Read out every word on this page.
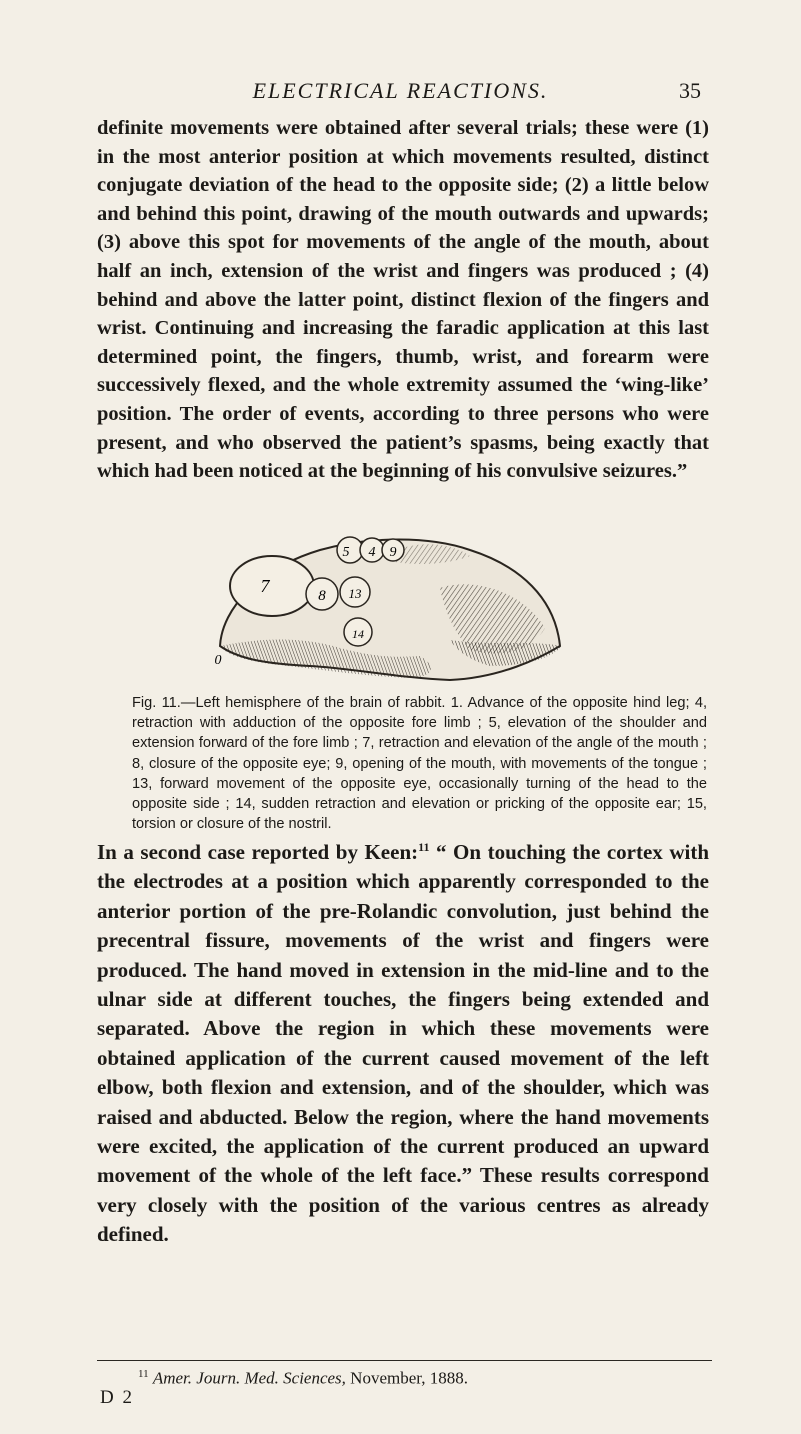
ELECTRICAL REACTIONS.	35

definite movements were obtained after several trials; these were (1) in the most anterior position at which movements resulted, distinct conjugate deviation of the head to the opposite side; (2) a little below and behind this point, drawing of the mouth outwards and upwards; (3) above this spot for movements of the angle of the mouth, about half an inch, extension of the wrist and fingers was produced ; (4) behind and above the latter point, distinct flexion of the fingers and wrist. Continuing and increasing the faradic application at this last determined point, the fingers, thumb, wrist, and forearm were successively flexed, and the whole extremity assumed the ‘wing-like’ position. The order of events, according to three persons who were present, and who observed the patient’s spasms, being exactly that which had been noticed at the beginning of his convulsive seizures.”

5 4 9
7	8 13
14
0

Fig. 11.—Left hemisphere of the brain of rabbit. 1. Advance of the opposite hind leg; 4, retraction with adduction of the opposite fore limb ; 5, elevation of the shoulder and extension forward of the fore limb ; 7, retraction and elevation of the angle of the mouth ; 8, closure of the opposite eye; 9, opening of the mouth, with movements of the tongue ; 13, forward movement of the opposite eye, occasionally turning of the head to the opposite side ; 14, sudden retraction and elevation or pricking of the opposite ear; 15, torsion or closure of the nostril.

In a second case reported by Keen:$^{11}$ “ On touching the cortex with the electrodes at a position which apparently corresponded to the anterior portion of the pre-Rolandic convolution, just behind the precentral fissure, movements of the wrist and fingers were produced. The hand moved in extension in the mid-line and to the ulnar side at different touches, the fingers being extended and separated. Above the region in which these movements were obtained application of the current caused movement of the left elbow, both flexion and extension, and of the shoulder, which was raised and abducted. Below the region, where the hand movements were excited, the application of the current produced an upward movement of the whole of the left face.” These results correspond very closely with the position of the various centres as already defined.

$^{11}$ Amer. Journ. Med. Sciences, November, 1888.
D 2
